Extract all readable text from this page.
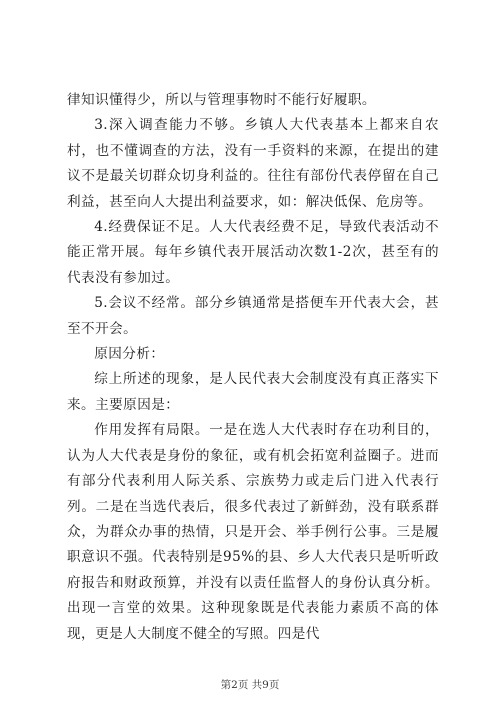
律知识懂得少，所以与管理事物时不能行好履职。

3.深入调查能力不够。乡镇人大代表基本上都来自农村，也不懂调查的方法，没有一手资料的来源，在提出的建议不是最关切群众切身利益的。往往有部份代表停留在自己利益，甚至向人大提出利益要求，如：解决低保、危房等。

4.经费保证不足。人大代表经费不足，导致代表活动不能正常开展。每年乡镇代表开展活动次数1-2次，甚至有的代表没有参加过。

5.会议不经常。部分乡镇通常是搭便车开代表大会，甚至不开会。

原因分析：

综上所述的现象，是人民代表大会制度没有真正落实下来。主要原因是：

作用发挥有局限。一是在选人大代表时存在功利目的，认为人大代表是身份的象征，或有机会拓宽利益圈子。进而有部分代表利用人际关系、宗族势力或走后门进入代表行列。二是在当选代表后，很多代表过了新鲜劲，没有联系群众，为群众办事的热情，只是开会、举手例行公事。三是履职意识不强。代表特别是95%的县、乡人大代表只是听听政府报告和财政预算，并没有以责任监督人的身份认真分析。出现一言堂的效果。这种现象既是代表能力素质不高的体现，更是人大制度不健全的写照。四是代

第2页 共9页
